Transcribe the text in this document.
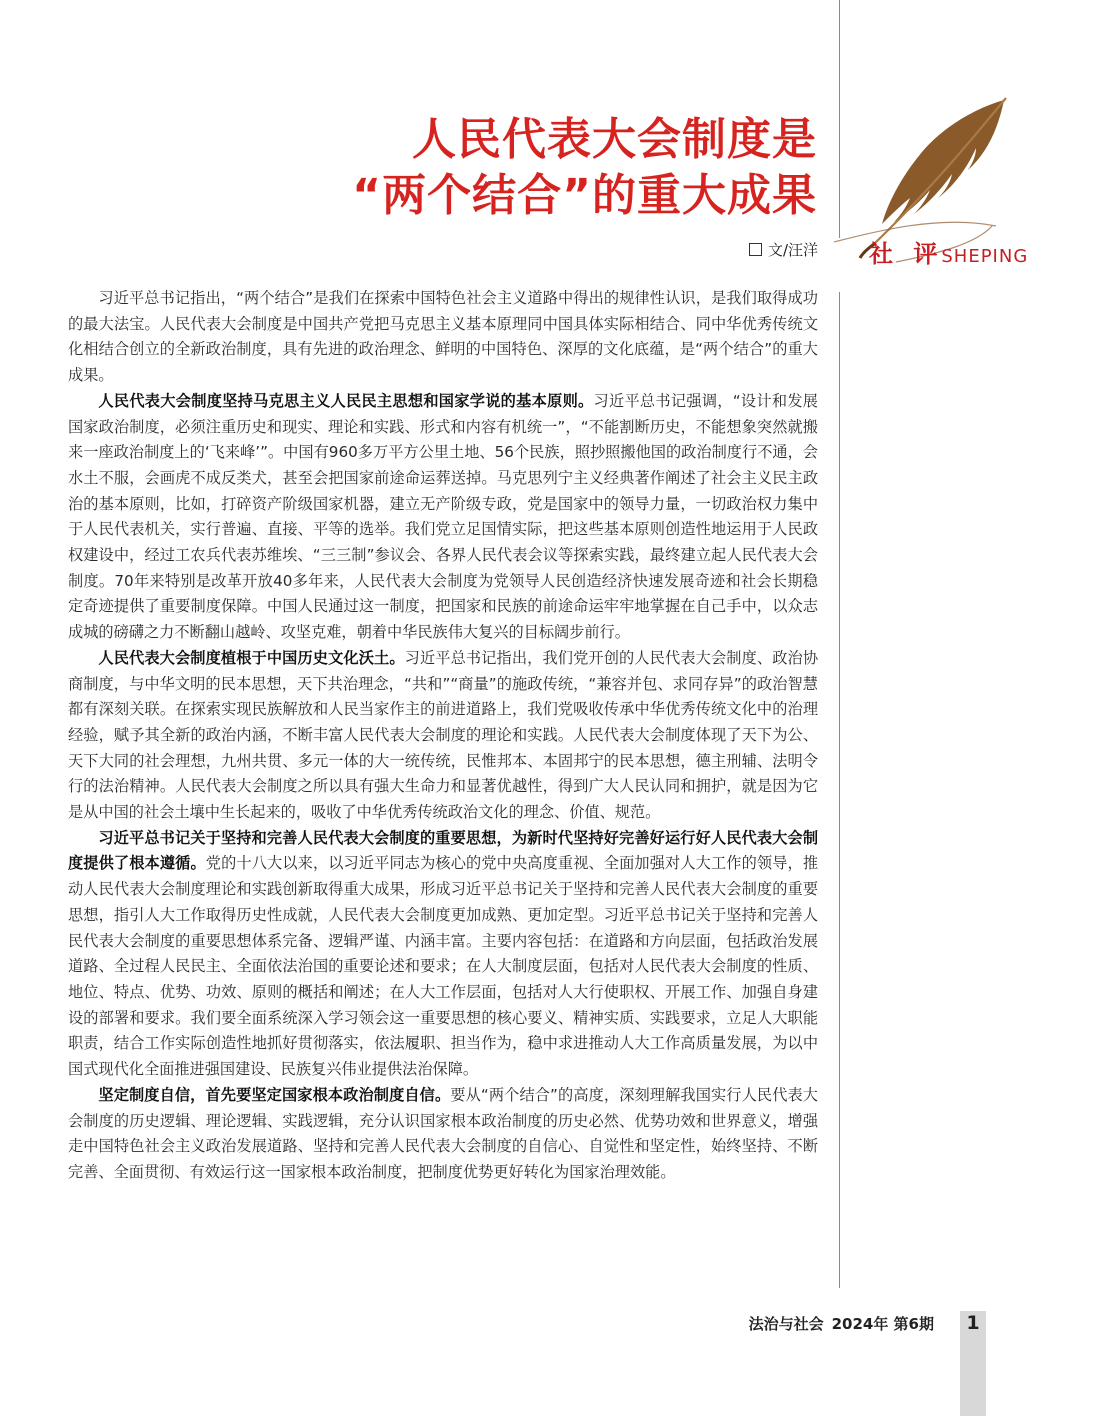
人民代表大会制度是
“两个结合”的重大成果
文/汪洋 社 评SHEPING

习近平总书记指出，“两个结合”是我们在探索中国特色社会主义道路中得出的规律性认识，是我们取得成功的最大法宝。人民代表大会制度是中国共产党把马克思主义基本原理同中国具体实际相结合、同中华优秀传统文化相结合创立的全新政治制度，具有先进的政治理念、鲜明的中国特色、深厚的文化底蕴，是“两个结合”的重大成果。

人民代表大会制度坚持马克思主义人民民主思想和国家学说的基本原则。习近平总书记强调，“设计和发展国家政治制度，必须注重历史和现实、理论和实践、形式和内容有机统一”，“不能割断历史，不能想象突然就搬来一座政治制度上的‘飞来峰’”。中国有960多万平方公里土地、56个民族，照抄照搬他国的政治制度行不通，会水土不服，会画虎不成反类犬，甚至会把国家前途命运葬送掉。马克思列宁主义经典著作阐述了社会主义民主政治的基本原则，比如，打碎资产阶级国家机器，建立无产阶级专政，党是国家中的领导力量，一切政治权力集中于人民代表机关，实行普遍、直接、平等的选举。我们党立足国情实际，把这些基本原则创造性地运用于人民政权建设中，经过工农兵代表苏维埃、“三三制”参议会、各界人民代表会议等探索实践，最终建立起人民代表大会制度。70年来特别是改革开放40多年来，人民代表大会制度为党领导人民创造经济快速发展奇迹和社会长期稳定奇迹提供了重要制度保障。中国人民通过这一制度，把国家和民族的前途命运牢牢地掌握在自己手中，以众志成城的磅礴之力不断翻山越岭、攻坚克难，朝着中华民族伟大复兴的目标阔步前行。

人民代表大会制度植根于中国历史文化沃土。习近平总书记指出，我们党开创的人民代表大会制度、政治协商制度，与中华文明的民本思想，天下共治理念，“共和”“商量”的施政传统，“兼容并包、求同存异”的政治智慧都有深刻关联。在探索实现民族解放和人民当家作主的前进道路上，我们党吸收传承中华优秀传统文化中的治理经验，赋予其全新的政治内涵，不断丰富人民代表大会制度的理论和实践。人民代表大会制度体现了天下为公、天下大同的社会理想，九州共贯、多元一体的大一统传统，民惟邦本、本固邦宁的民本思想，德主刑辅、法明令行的法治精神。人民代表大会制度之所以具有强大生命力和显著优越性，得到广大人民认同和拥护，就是因为它是从中国的社会土壤中生长起来的，吸收了中华优秀传统政治文化的理念、价值、规范。

习近平总书记关于坚持和完善人民代表大会制度的重要思想，为新时代坚持好完善好运行好人民代表大会制度提供了根本遵循。党的十八大以来，以习近平同志为核心的党中央高度重视、全面加强对人大工作的领导，推动人民代表大会制度理论和实践创新取得重大成果，形成习近平总书记关于坚持和完善人民代表大会制度的重要思想，指引人大工作取得历史性成就，人民代表大会制度更加成熟、更加定型。习近平总书记关于坚持和完善人民代表大会制度的重要思想体系完备、逻辑严谨、内涵丰富。主要内容包括：在道路和方向层面，包括政治发展道路、全过程人民民主、全面依法治国的重要论述和要求；在人大制度层面，包括对人民代表大会制度的性质、地位、特点、优势、功效、原则的概括和阐述；在人大工作层面，包括对人大行使职权、开展工作、加强自身建设的部署和要求。我们要全面系统深入学习领会这一重要思想的核心要义、精神实质、实践要求，立足人大职能职责，结合工作实际创造性地抓好贯彻落实，依法履职、担当作为，稳中求进推动人大工作高质量发展，为以中国式现代化全面推进强国建设、民族复兴伟业提供法治保障。

坚定制度自信，首先要坚定国家根本政治制度自信。要从“两个结合”的高度，深刻理解我国实行人民代表大会制度的历史逻辑、理论逻辑、实践逻辑，充分认识国家根本政治制度的历史必然、优势功效和世界意义，增强走中国特色社会主义政治发展道路、坚持和完善人民代表大会制度的自信心、自觉性和坚定性，始终坚持、不断完善、全面贯彻、有效运行这一国家根本政治制度，把制度优势更好转化为国家治理效能。

法治与社会 2024年 第6期	1
